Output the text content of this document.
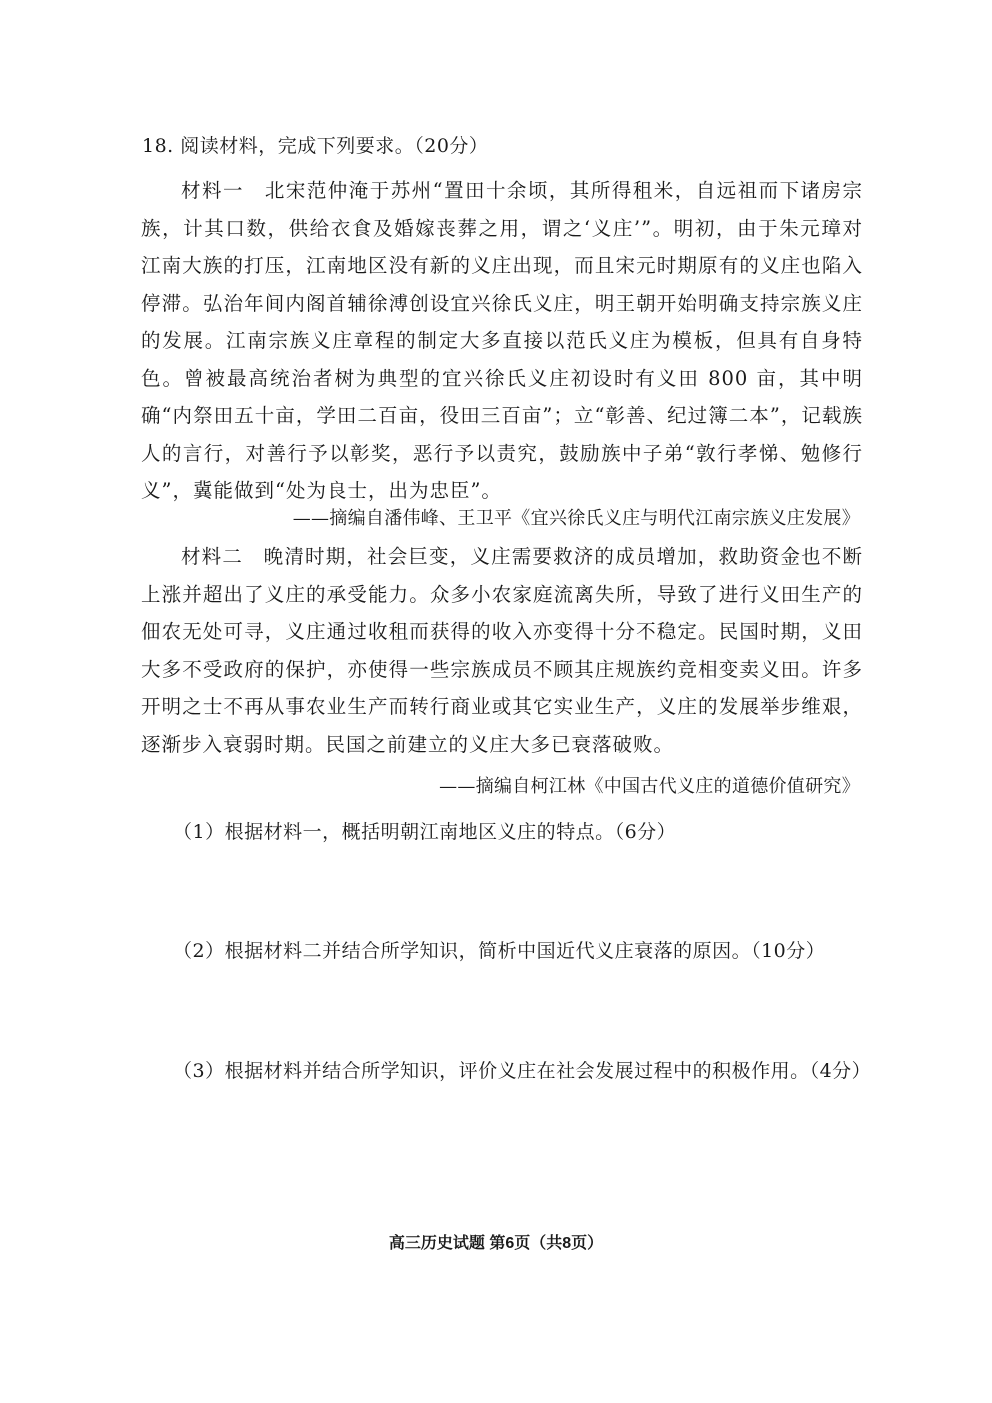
18. 阅读材料，完成下列要求。（20分）

材料一　北宋范仲淹于苏州“置田十余顷，其所得租米，自远祖而下诸房宗族，计其口数，供给衣食及婚嫁丧葬之用，谓之‘义庄’”。明初，由于朱元璋对江南大族的打压，江南地区没有新的义庄出现，而且宋元时期原有的义庄也陷入停滞。弘治年间内阁首辅徐溥创设宜兴徐氏义庄，明王朝开始明确支持宗族义庄的发展。江南宗族义庄章程的制定大多直接以范氏义庄为模板，但具有自身特色。曾被最高统治者树为典型的宜兴徐氏义庄初设时有义田 800 亩，其中明确“内祭田五十亩，学田二百亩，役田三百亩”；立“彰善、纪过簿二本”，记载族人的言行，对善行予以彰奖，恶行予以责究，鼓励族中子弟“敦行孝悌、勉修行义”，冀能做到“处为良士，出为忠臣”。

——摘编自潘伟峰、王卫平《宜兴徐氏义庄与明代江南宗族义庄发展》

材料二　晚清时期，社会巨变，义庄需要救济的成员增加，救助资金也不断上涨并超出了义庄的承受能力。众多小农家庭流离失所，导致了进行义田生产的佃农无处可寻，义庄通过收租而获得的收入亦变得十分不稳定。民国时期，义田大多不受政府的保护，亦使得一些宗族成员不顾其庄规族约竞相变卖义田。许多开明之士不再从事农业生产而转行商业或其它实业生产，义庄的发展举步维艰，逐渐步入衰弱时期。民国之前建立的义庄大多已衰落破败。

——摘编自柯江林《中国古代义庄的道德价值研究》

（1）根据材料一，概括明朝江南地区义庄的特点。（6分）

（2）根据材料二并结合所学知识，简析中国近代义庄衰落的原因。（10分）

（3）根据材料并结合所学知识，评价义庄在社会发展过程中的积极作用。（4分）

高三历史试题 第6页（共8页）
